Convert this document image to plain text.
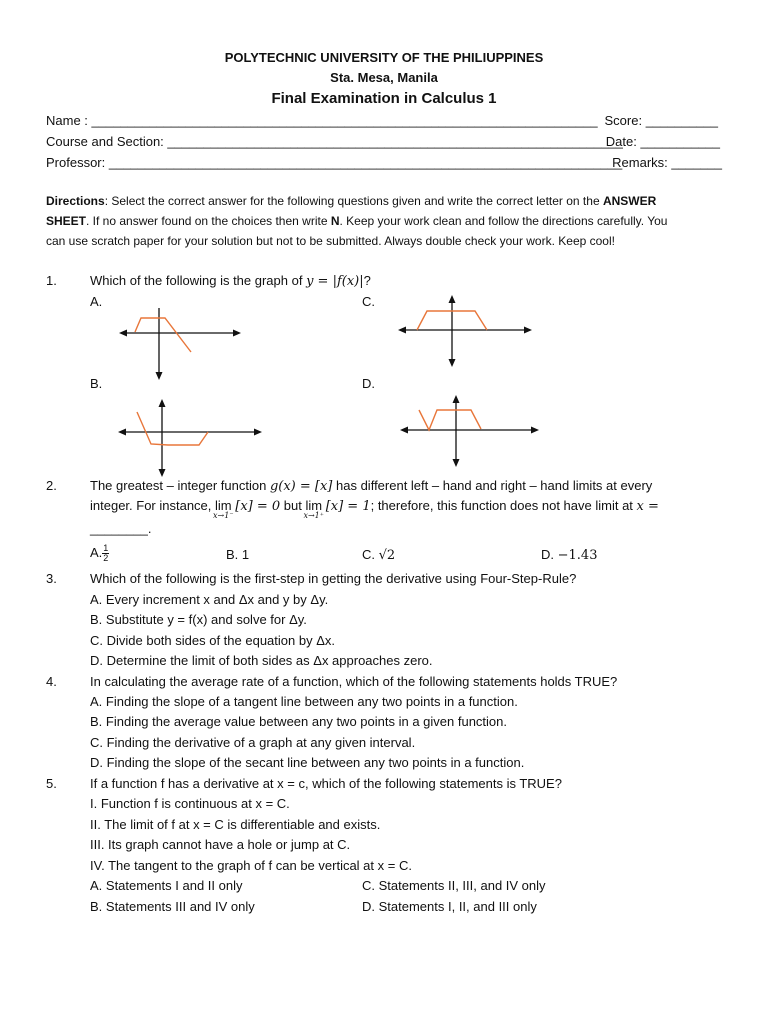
POLYTECHNIC UNIVERSITY OF THE PHILIUPPINES
Sta. Mesa, Manila
Final Examination in Calculus 1
Name : ______________________________________________________________________ Score: __________
Course and Section: _______________________________________________________________
Date: ___________
Professor: _______________________________________________________________________
Remarks: _______
Directions: Select the correct answer for the following questions given and write the correct letter on the ANSWER
SHEET. If no answer found on the choices then write N. Keep your work clean and follow the directions carefully. You
can use scratch paper for your solution but not to be submitted. Always double check your work. Keep cool!
1.	Which of the following is the graph of y = |f(x)|?
A.	C.
B.	D.
2.	The greatest – integer function g(x) = [x] has different left – hand and right – hand limits at every
integer. For instance, lim
x→1⁻
[x] = 0 but lim
x→1⁺
[x] = 1; therefore, this function does not have limit at x =
________.
A. $\frac{1}{2}$	B. 1	C. √2	D. −1.43
3.	Which of the following is the first-step in getting the derivative using Four-Step-Rule?
A. Every increment x and Δx and y by Δy.
B. Substitute y = f(x) and solve for Δy.
C. Divide both sides of the equation by Δx.
D. Determine the limit of both sides as Δx approaches zero.
4.	In calculating the average rate of a function, which of the following statements holds TRUE?
A. Finding the slope of a tangent line between any two points in a function.
B. Finding the average value between any two points in a given function.
C. Finding the derivative of a graph at any given interval.
D. Finding the slope of the secant line between any two points in a function.
5.	If a function f has a derivative at x = c, which of the following statements is TRUE?
I. Function f is continuous at x = C.
II. The limit of f at x = C is differentiable and exists.
III. Its graph cannot have a hole or jump at C.
IV. The tangent to the graph of f can be vertical at x = C.
A. Statements I and II only	C. Statements II, III, and IV only
B. Statements III and IV only	D. Statements I, II, and III only
